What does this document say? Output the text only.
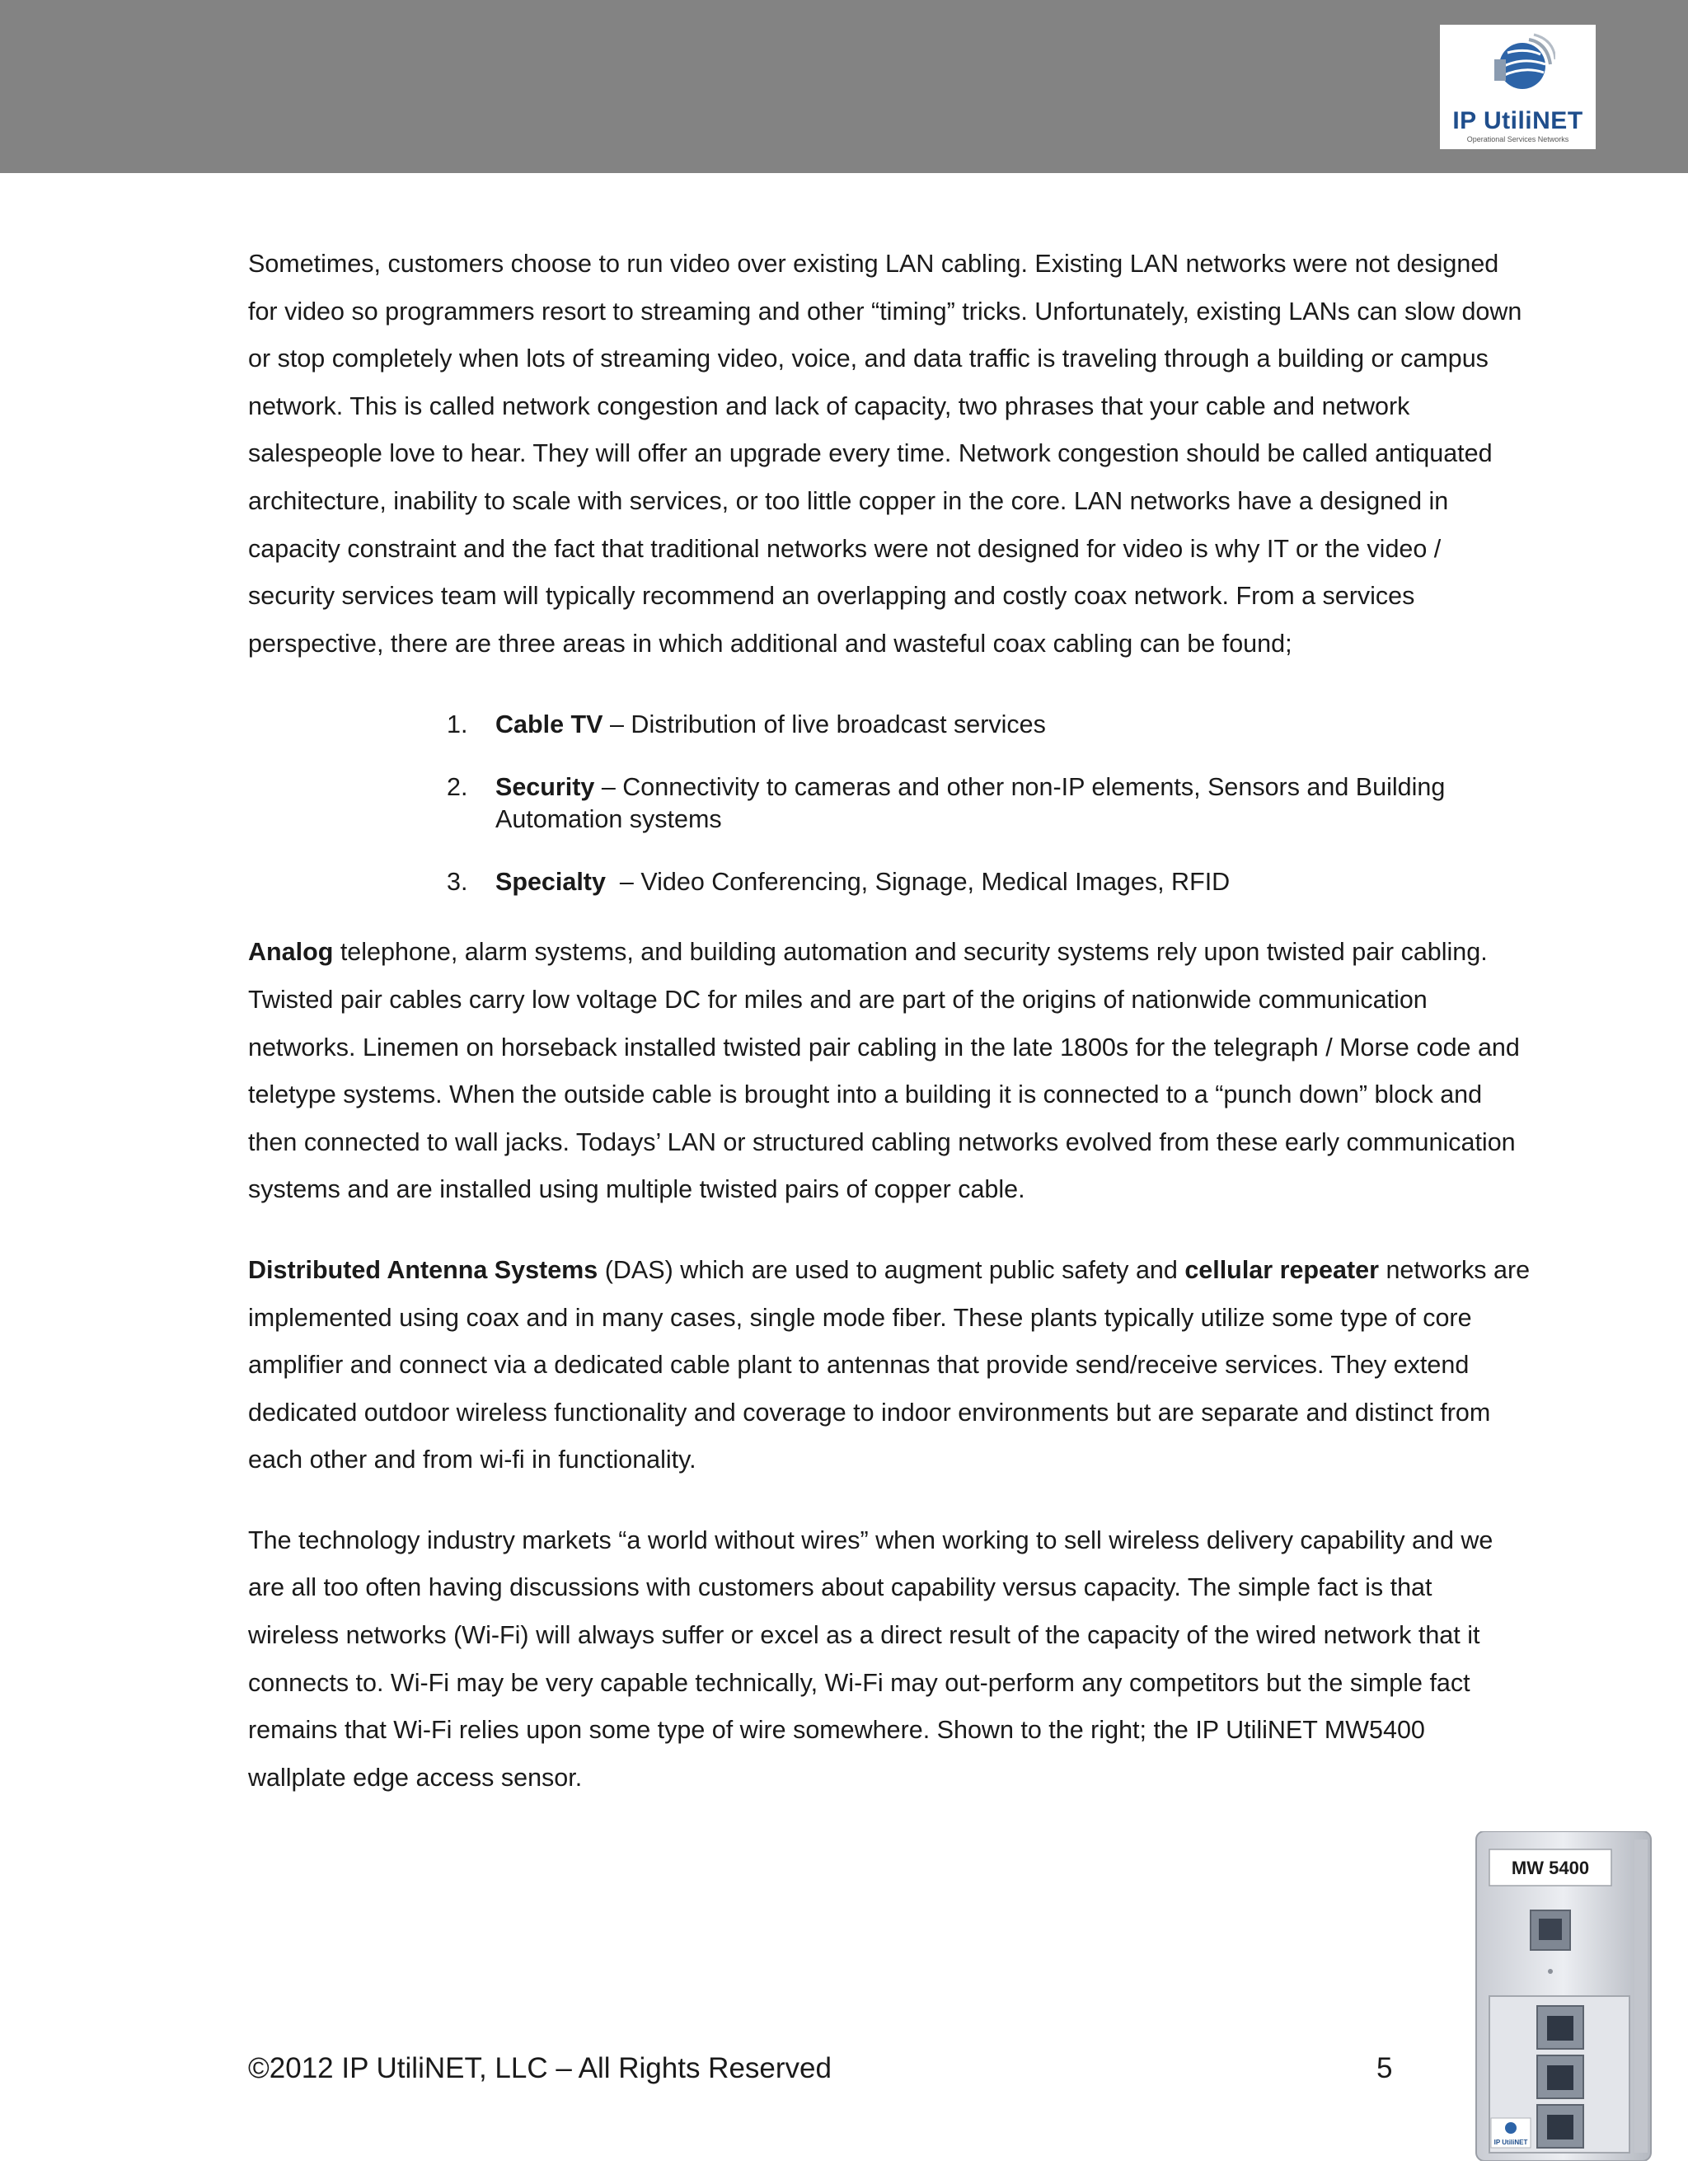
IP UtiliNET
Operational Services Networks

Sometimes, customers choose to run video over existing LAN cabling. Existing LAN networks were not designed for video so programmers resort to streaming and other “timing” tricks. Unfortunately, existing LANs can slow down or stop completely when lots of streaming video, voice, and data traffic is traveling through a building or campus network. This is called network congestion and lack of capacity, two phrases that your cable and network salespeople love to hear. They will offer an upgrade every time. Network congestion should be called antiquated architecture, inability to scale with services, or too little copper in the core. LAN networks have a designed in capacity constraint and the fact that traditional networks were not designed for video is why IT or the video / security services team will typically recommend an overlapping and costly coax network. From a services perspective, there are three areas in which additional and wasteful coax cabling can be found;

1. Cable TV – Distribution of live broadcast services
2. Security – Connectivity to cameras and other non-IP elements, Sensors and Building Automation systems
3. Specialty  – Video Conferencing, Signage, Medical Images, RFID

Analog telephone, alarm systems, and building automation and security systems rely upon twisted pair cabling. Twisted pair cables carry low voltage DC for miles and are part of the origins of nationwide communication networks. Linemen on horseback installed twisted pair cabling in the late 1800s for the telegraph / Morse code and teletype systems. When the outside cable is brought into a building it is connected to a “punch down” block and then connected to wall jacks. Todays’ LAN or structured cabling networks evolved from these early communication systems and are installed using multiple twisted pairs of copper cable.

Distributed Antenna Systems (DAS) which are used to augment public safety and cellular repeater networks are implemented using coax and in many cases, single mode fiber. These plants typically utilize some type of core amplifier and connect via a dedicated cable plant to antennas that provide send/receive services. They extend dedicated outdoor wireless functionality and coverage to indoor environments but are separate and distinct from each other and from wi-fi in functionality.

The technology industry markets “a world without wires” when working to sell wireless delivery capability and we are all too often having discussions with customers about capability versus capacity. The simple fact is that wireless networks (Wi-Fi) will always suffer or excel as a direct result of the capacity of the wired network that it connects to. Wi-Fi may be very capable technically, Wi-Fi may out-perform any competitors but the simple fact remains that Wi-Fi relies upon some type of wire somewhere. Shown to the right; the IP UtiliNET MW5400 wallplate edge access sensor.

©2012 IP UtiliNET, LLC – All Rights Reserved	5
MW 5400
IP UtiliNET
